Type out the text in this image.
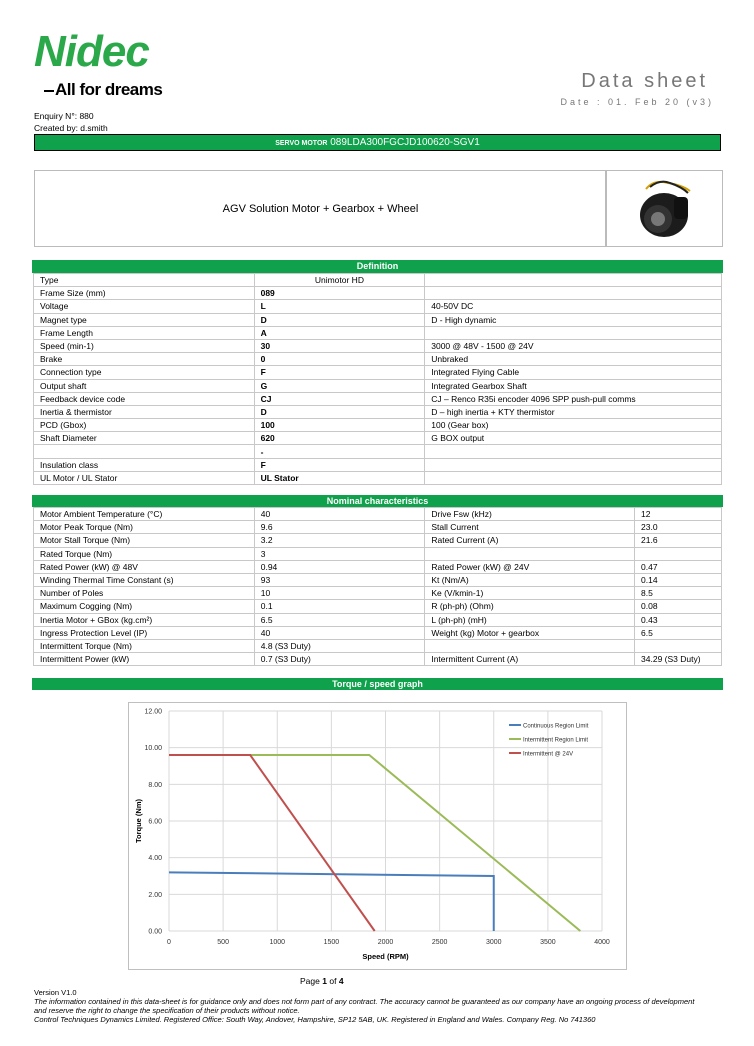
Nidec
All for dreams	Data sheet
Date : 01. Feb 20 (v3)
Enquiry N°: 880
Created by: d.smith
SERVO MOTOR 089LDA300FGCJD100620-SGV1
AGV Solution Motor + Gearbox + Wheel
Definition
Type	Unimotor HD	
Frame Size (mm)	089	
Voltage	L	40-50V DC
Magnet type	D	D - High dynamic
Frame Length	A	
Speed (min-1)	30	3000 @ 48V - 1500 @ 24V
Brake	0	Unbraked
Connection type	F	Integrated Flying Cable
Output shaft	G	Integrated Gearbox Shaft
Feedback device code	CJ	CJ – Renco R35i encoder 4096 SPP push-pull comms
Inertia & thermistor	D	D – high inertia + KTY thermistor
PCD (Gbox)	100	100 (Gear box)
Shaft Diameter	620	G BOX output
	-	
Insulation class	F	
UL Motor / UL Stator	UL Stator	
Nominal characteristics
Motor Ambient Temperature (°C)	40	Drive Fsw (kHz)	12
Motor Peak Torque (Nm)	9.6	Stall Current	23.0
Motor Stall Torque (Nm)	3.2	Rated Current (A)	21.6
Rated Torque (Nm)	3		
Rated Power (kW) @ 48V	0.94	Rated Power (kW) @ 24V	0.47
Winding Thermal Time Constant (s)	93	Kt (Nm/A)	0.14
Number of Poles	10	Ke (V/kmin-1)	8.5
Maximum Cogging (Nm)	0.1	R (ph-ph) (Ohm)	0.08
Inertia Motor + GBox (kg.cm²)	6.5	L (ph-ph) (mH)	0.43
Ingress Protection Level (IP)	40	Weight (kg) Motor + gearbox	6.5
Intermittent Torque (Nm)	4.8 (S3 Duty)		
Intermittent Power (kW)	0.7 (S3 Duty)	Intermittent Current (A)	34.29 (S3 Duty)
Torque / speed graph
0	500	1000	1500	2000	2500	3000	3500	4000
0.00
2.00
4.00
6.00
8.00
10.00
12.00
Speed (RPM)
Torque (Nm)
Continuous Region Limit
Intermittent Region Limit
Intermittent @ 24V
Page 1 of 4
Version V1.0
The information contained in this data-sheet is for guidance only and does not form part of any contract. The accuracy cannot be guaranteed as our company have an ongoing process of development
and reserve the right to change the specification of their products without notice.
Control Techniques Dynamics Limited. Registered Office: South Way, Andover, Hampshire, SP12 5AB, UK. Registered in England and Wales. Company Reg. No 741360
